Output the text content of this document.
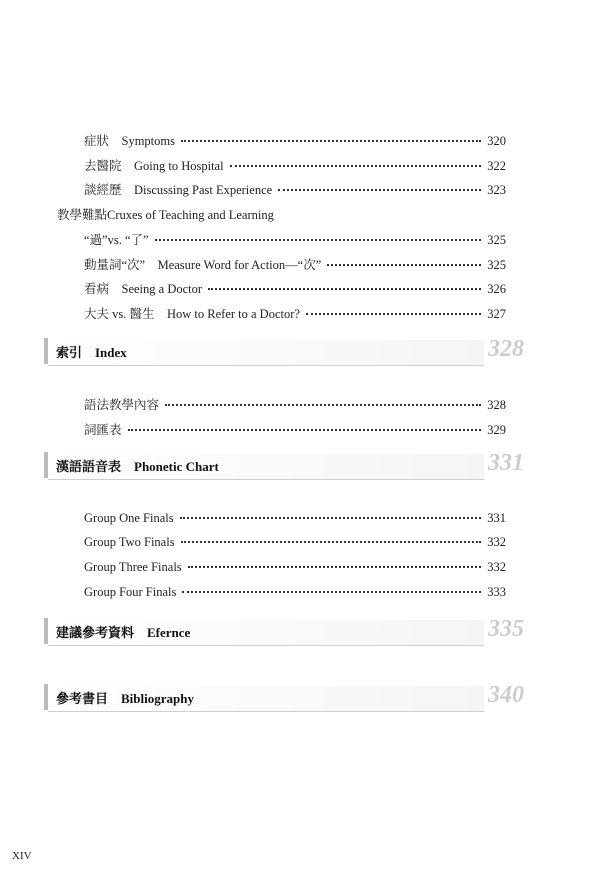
症狀　Symptoms	320
去醫院　Going to Hospital	322
談經歷　Discussing Past Experience	323
教學難點Cruxes of Teaching and Learning
“過”vs. “了”	325
動量詞“次”　Measure Word for Action—“次”	325
看病　Seeing a Doctor	326
大夫 vs. 醫生　How to Refer to a Doctor?	327
索引　Index	328
語法教學內容	328
詞匯表	329
漢語語音表　Phonetic Chart	331
Group One Finals	331
Group Two Finals	332
Group Three Finals	332
Group Four Finals	333
建議參考資料　Efernce	335
參考書目　Bibliography	340
XIV
